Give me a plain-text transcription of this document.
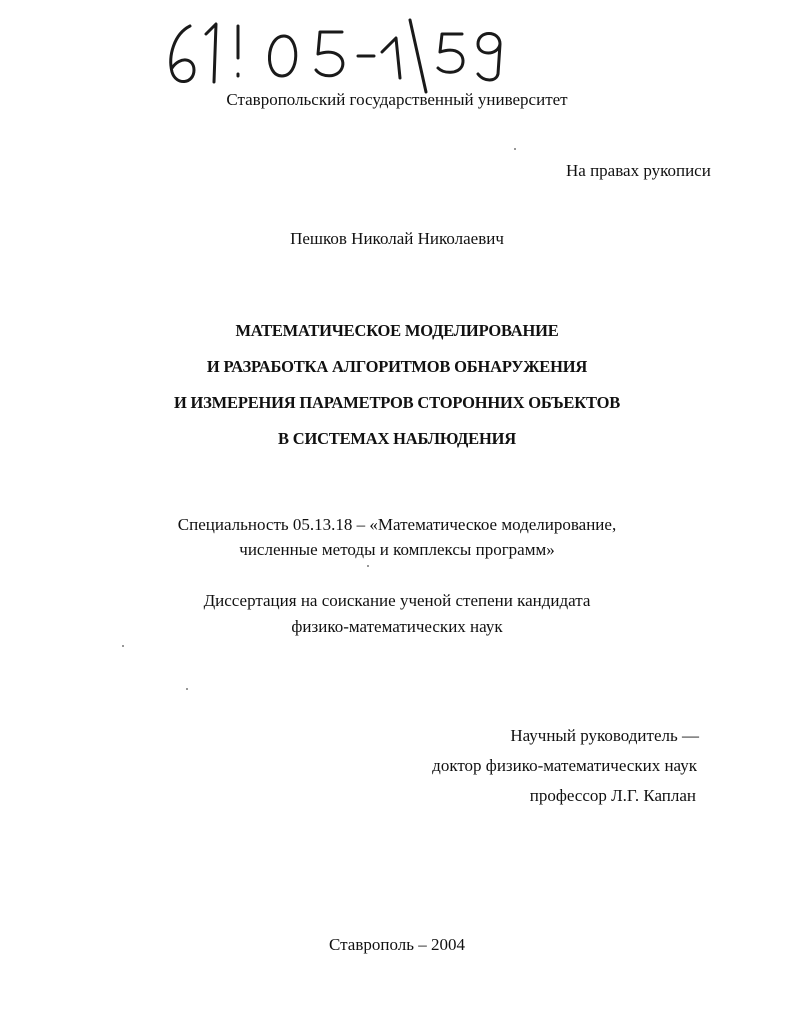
Ставропольский государственный университет
На правах рукописи
Пешков Николай Николаевич
МАТЕМАТИЧЕСКОЕ МОДЕЛИРОВАНИЕ
И РАЗРАБОТКА АЛГОРИТМОВ ОБНАРУЖЕНИЯ
И ИЗМЕРЕНИЯ ПАРАМЕТРОВ СТОРОННИХ ОБЪЕКТОВ
В СИСТЕМАХ НАБЛЮДЕНИЯ
Специальность 05.13.18 – «Математическое моделирование,
численные методы и комплексы программ»
Диссертация на соискание ученой степени кандидата
физико-математических наук
Научный руководитель —
доктор физико-математических наук
профессор Л.Г. Каплан
Ставрополь – 2004
